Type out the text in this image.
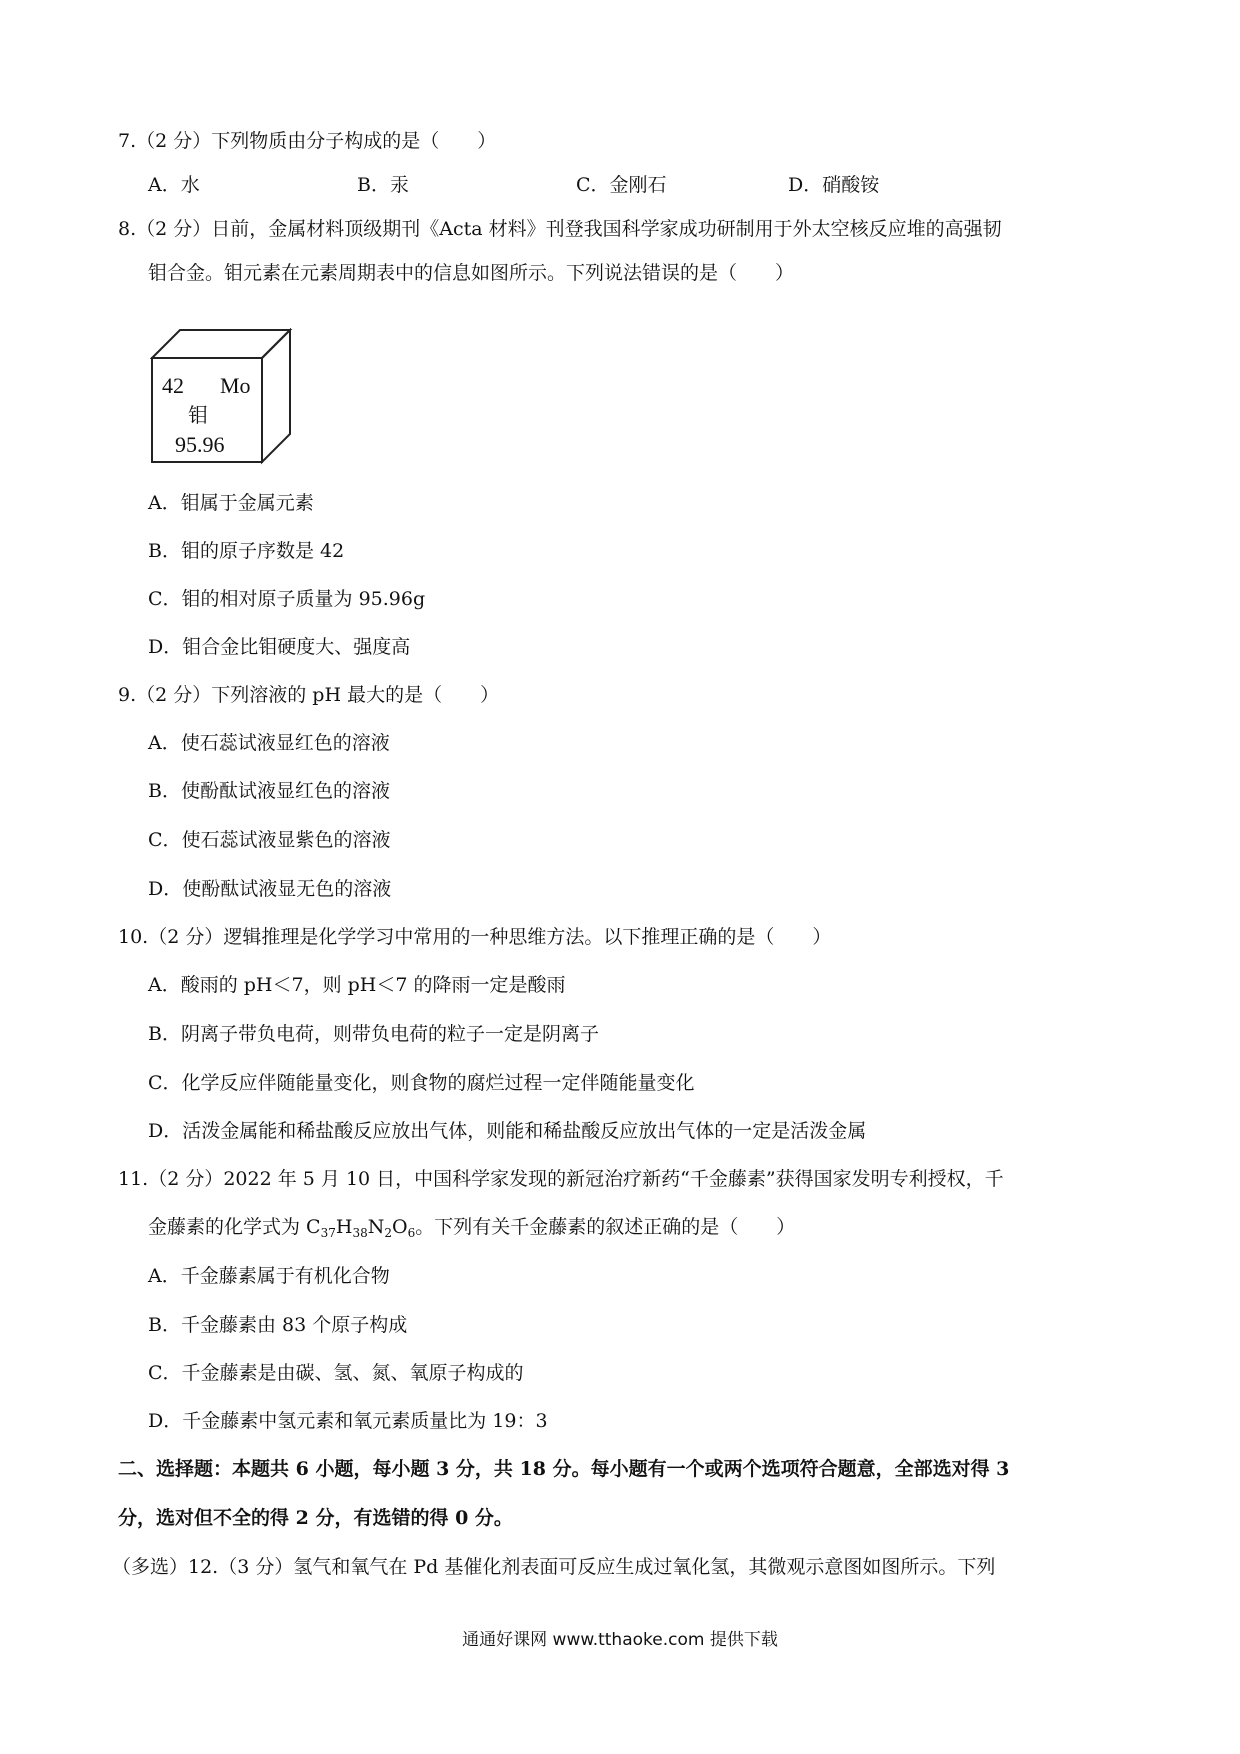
7.（2 分）下列物质由分子构成的是（　　）
A．水	B．汞	C．金刚石	D．硝酸铵
8.（2 分）日前，金属材料顶级期刊《Acta 材料》刊登我国科学家成功研制用于外太空核反应堆的高强韧
钼合金。钼元素在元素周期表中的信息如图所示。下列说法错误的是（　　）
42 Mo
钼
95.96
A．钼属于金属元素
B．钼的原子序数是 42
C．钼的相对原子质量为 95.96g
D．钼合金比钼硬度大、强度高
9.（2 分）下列溶液的 pH 最大的是（　　）
A．使石蕊试液显红色的溶液
B．使酚酞试液显红色的溶液
C．使石蕊试液显紫色的溶液
D．使酚酞试液显无色的溶液
10.（2 分）逻辑推理是化学学习中常用的一种思维方法。以下推理正确的是（　　）
A．酸雨的 pH＜7，则 pH＜7 的降雨一定是酸雨
B．阴离子带负电荷，则带负电荷的粒子一定是阴离子
C．化学反应伴随能量变化，则食物的腐烂过程一定伴随能量变化
D．活泼金属能和稀盐酸反应放出气体，则能和稀盐酸反应放出气体的一定是活泼金属
11.（2 分）2022 年 5 月 10 日，中国科学家发现的新冠治疗新药“千金藤素”获得国家发明专利授权，千
金藤素的化学式为 $C_{37}H_{38}N_2O_6$。下列有关千金藤素的叙述正确的是（　　）
A．千金藤素属于有机化合物
B．千金藤素由 83 个原子构成
C．千金藤素是由碳、氢、氮、氧原子构成的
D．千金藤素中氢元素和氧元素质量比为 19：3
二、选择题：本题共 6 小题，每小题 3 分，共 18 分。每小题有一个或两个选项符合题意，全部选对得 3
分，选对但不全的得 2 分，有选错的得 0 分。
（多选）12.（3 分）氢气和氧气在 Pd 基催化剂表面可反应生成过氧化氢，其微观示意图如图所示。下列
通通好课网 www.tthaoke.com 提供下载
